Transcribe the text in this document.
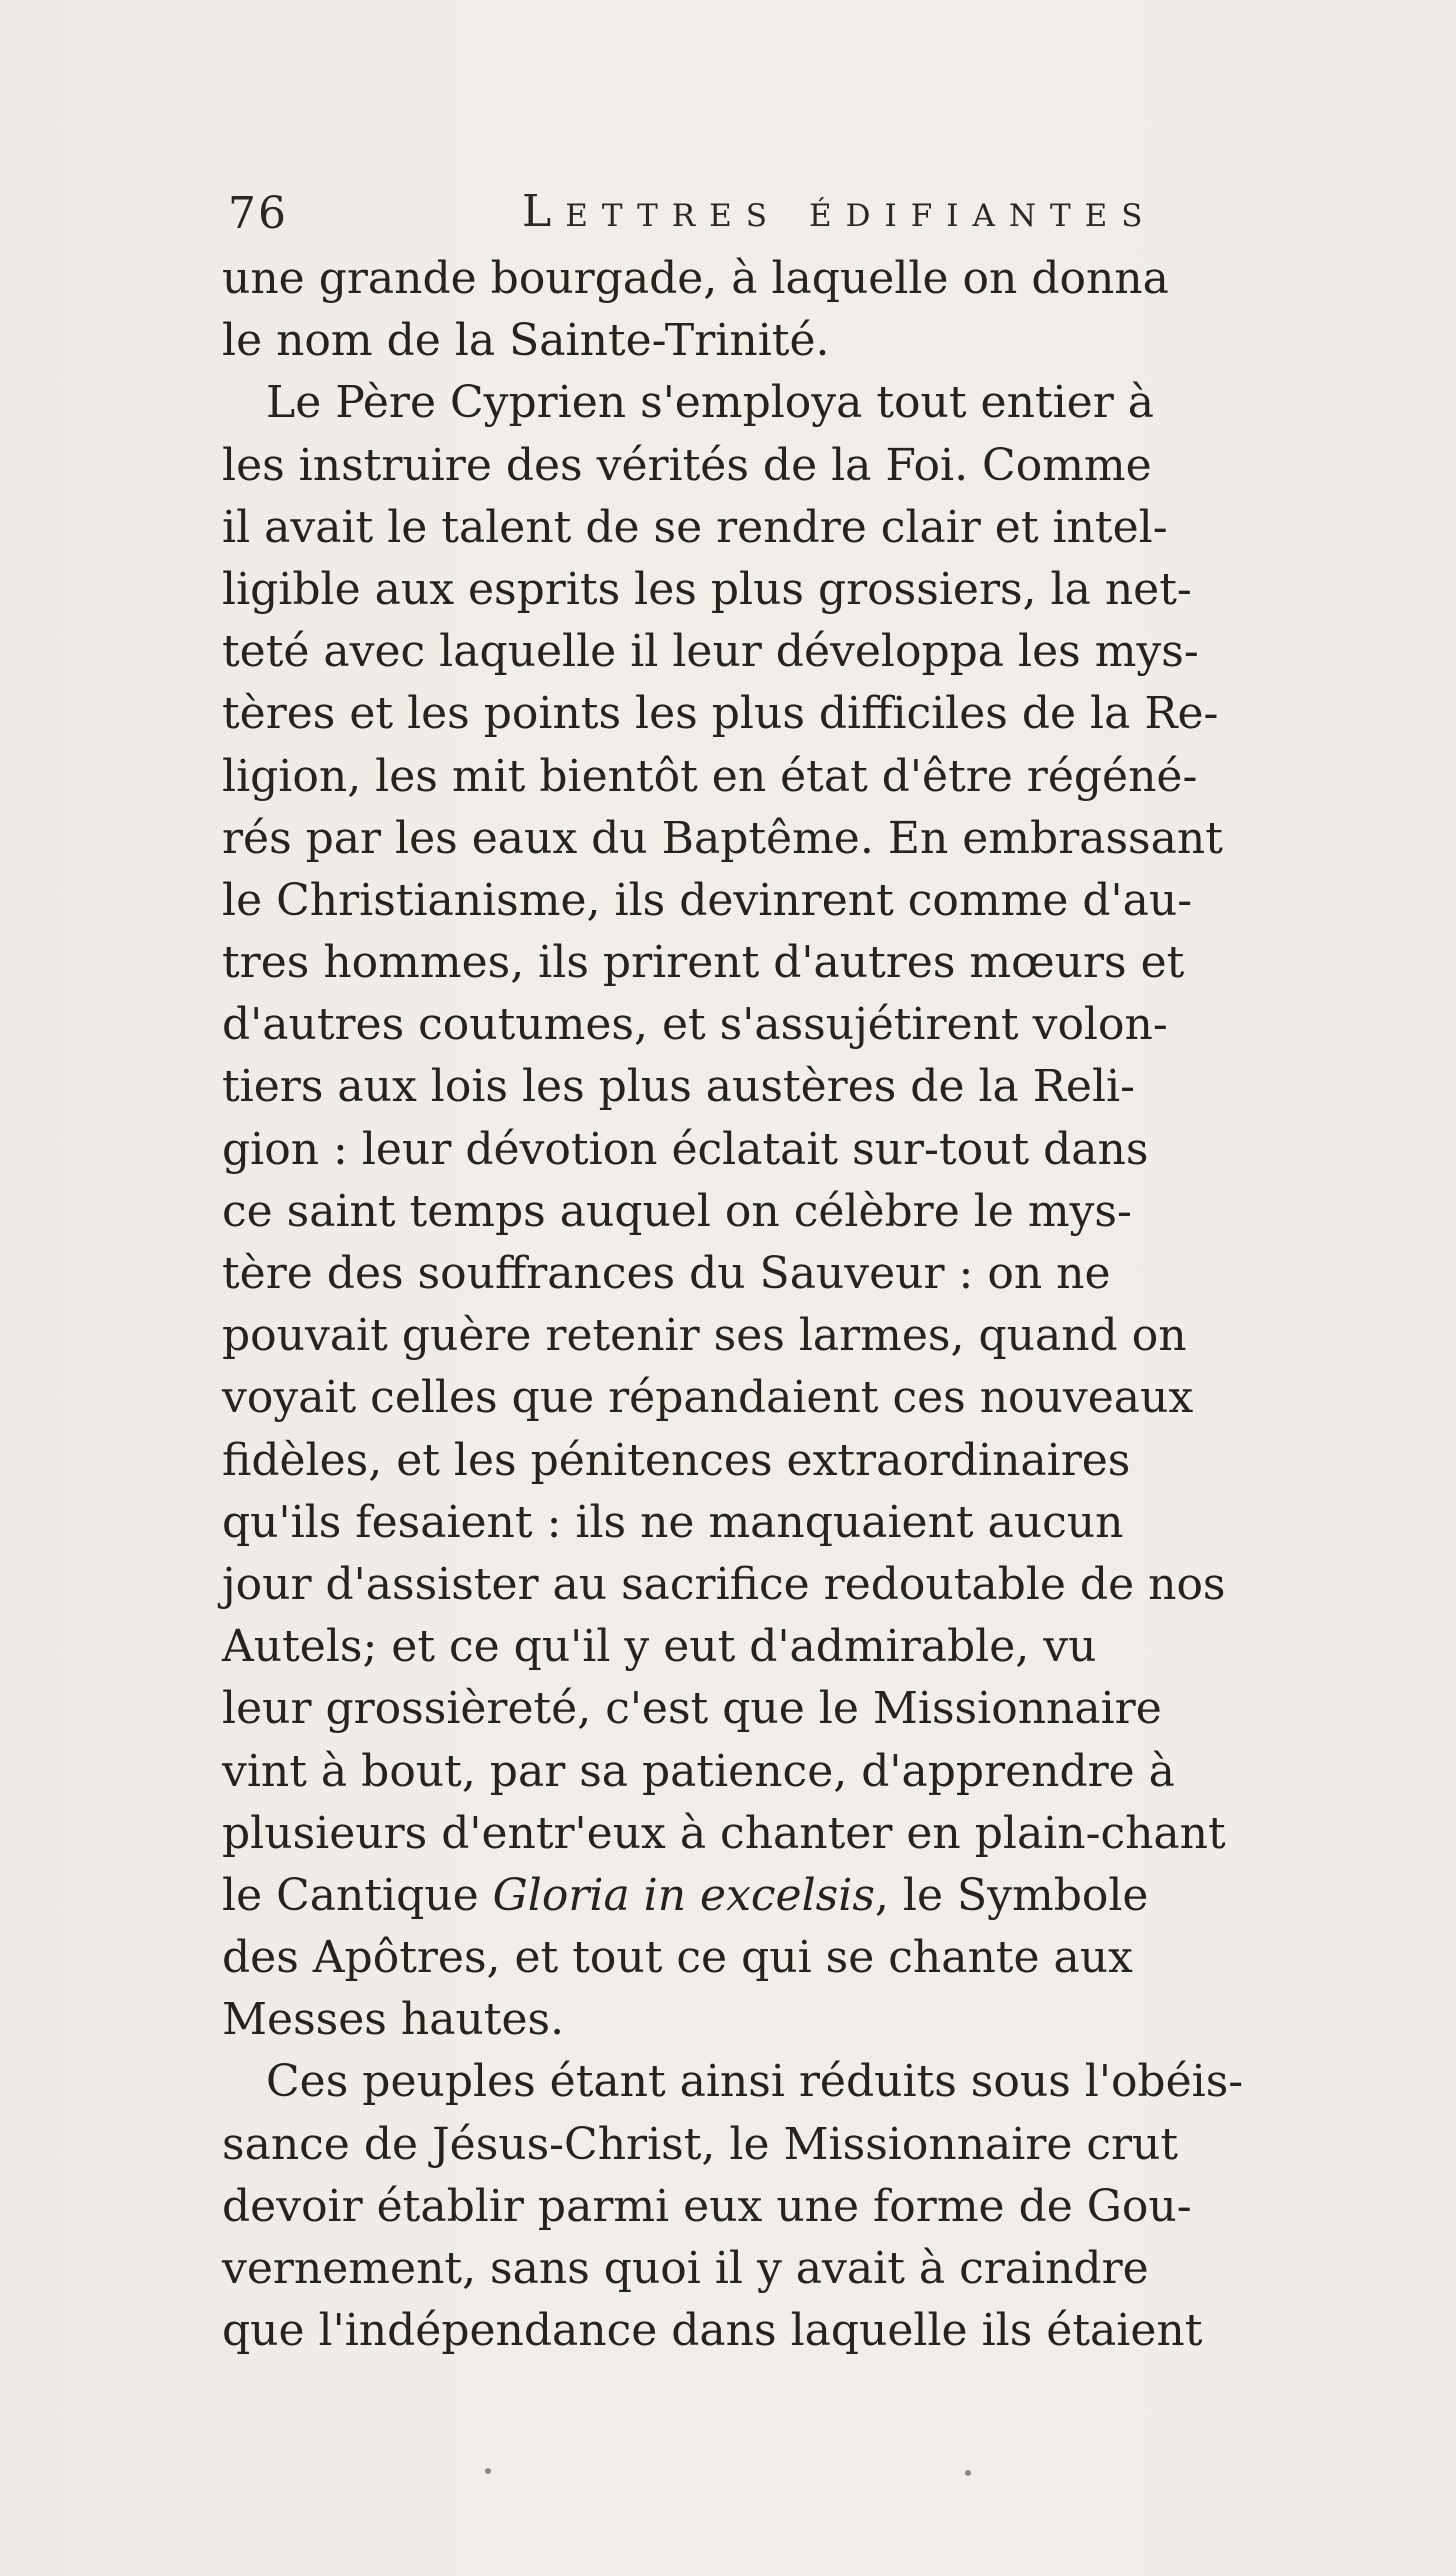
76	Lettres édifiantes
une grande bourgade, à laquelle on donna
le nom de la Sainte-Trinité.
Le Père Cyprien s'employa tout entier à
les instruire des vérités de la Foi. Comme
il avait le talent de se rendre clair et intel-
ligible aux esprits les plus grossiers, la net-
teté avec laquelle il leur développa les mys-
tères et les points les plus difficiles de la Re-
ligion, les mit bientôt en état d'être régéné-
rés par les eaux du Baptême. En embrassant
le Christianisme, ils devinrent comme d'au-
tres hommes, ils prirent d'autres mœurs et
d'autres coutumes, et s'assujétirent volon-
tiers aux lois les plus austères de la Reli-
gion : leur dévotion éclatait sur-tout dans
ce saint temps auquel on célèbre le mys-
tère des souffrances du Sauveur : on ne
pouvait guère retenir ses larmes, quand on
voyait celles que répandaient ces nouveaux
fidèles, et les pénitences extraordinaires
qu'ils fesaient : ils ne manquaient aucun
jour d'assister au sacrifice redoutable de nos
Autels; et ce qu'il y eut d'admirable, vu
leur grossièreté, c'est que le Missionnaire
vint à bout, par sa patience, d'apprendre à
plusieurs d'entr'eux à chanter en plain-chant
le Cantique Gloria in excelsis, le Symbole
des Apôtres, et tout ce qui se chante aux
Messes hautes.
Ces peuples étant ainsi réduits sous l'obéis-
sance de Jésus-Christ, le Missionnaire crut
devoir établir parmi eux une forme de Gou-
vernement, sans quoi il y avait à craindre
que l'indépendance dans laquelle ils étaient
